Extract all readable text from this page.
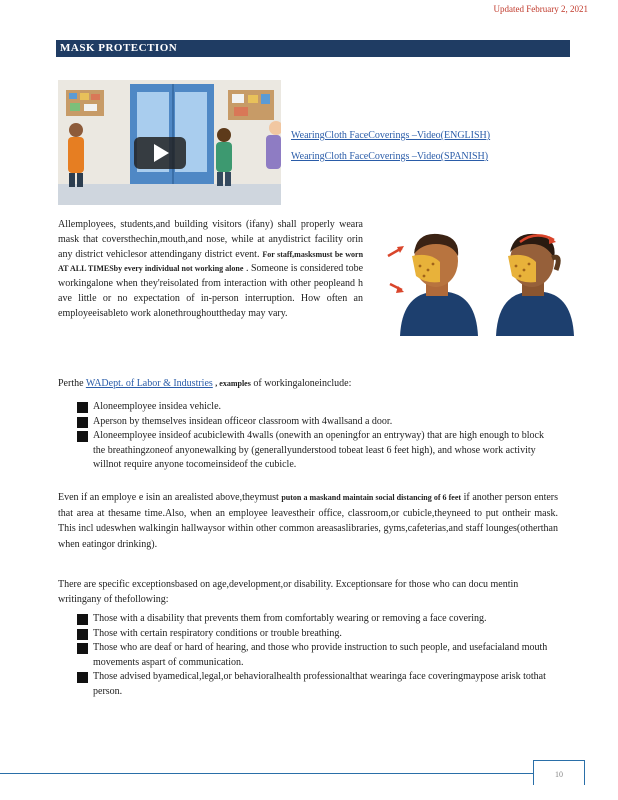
Updated February 2, 2021
MASK PROTECTION
WearingCloth FaceCoverings –Video(ENGLISH)
WearingCloth FaceCoverings –Video(SPANISH)
Allemployees, students,and building visitors (ifany) shall properly weara mask that coversthechin,mouth,and nose, while at anydistrict facility orin any district vehiclesor attendingany district event. For staff,masksmust be worn AT ALL TIMESby every individual not working alone . Someone is considered tobe workingalone when they'reisolated from interaction with other peopleand h ave little or no expectation of in-person interruption. How often an employeeisableto work alonethroughouttheday may vary.
Perthe WADept. of Labor & Industries , examples of workingaloneinclude:
Aloneemployee insidea vehicle.
Aperson by themselves insidean officeor classroom with 4wallsand a door.
Aloneemployee insideof acubiclewith 4walls (onewith an openingfor an entryway) that are high enough to block the breathingzoneof anyonewalking by (generallyunderstood tobeat least 6 feet high), and whose work activity willnot require anyone tocomeinsideof the cubicle.
Even if an employe e isin an arealisted above,theymust puton a maskand maintain social distancing of 6 feet if another person enters that area at thesame time.Also, when an employee leavestheir office, classroom,or cubicle,theyneed to put ontheir mask. This incl udeswhen walkingin hallwaysor within other common areasaslibraries, gyms,cafeterias,and staff lounges(otherthan when eatingor drinking).
There are specific exceptionsbased on age,development,or disability. Exceptionsare for those who can docu mentin writingany of thefollowing:
Those with a disability that prevents them from comfortably wearing or removing a face covering.
Those with certain respiratory conditions or trouble breathing.
Those who are deaf or hard of hearing, and those who provide instruction to such people, and usefacialand mouth movements aspart of communication.
Those advised byamedical,legal,or behavioralhealth professionalthat wearinga face coveringmaypose arisk tothat person.
10
